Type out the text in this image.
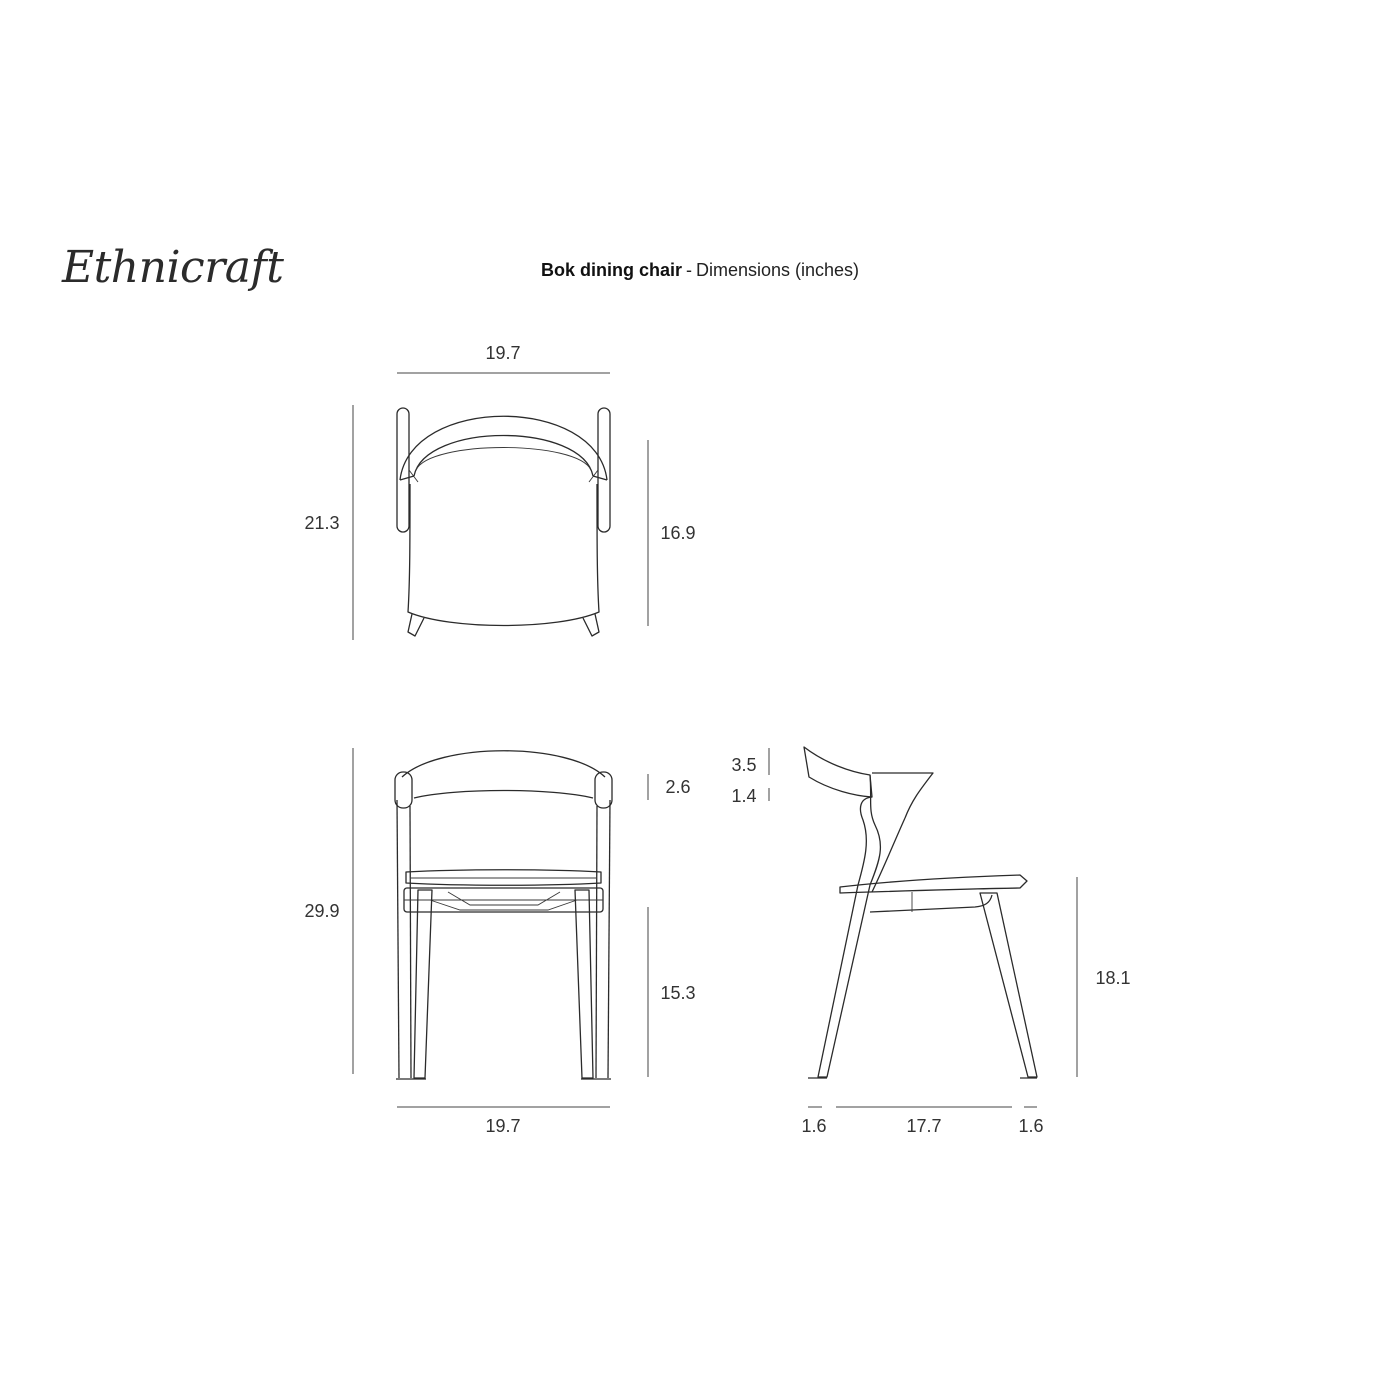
Ethnicraft	Bok dining chair - Dimensions (inches)
19.7
21.3	16.9
29.9
2.6
15.3
19.7
3.5
1.4
18.1
1.6	17.7	1.6
